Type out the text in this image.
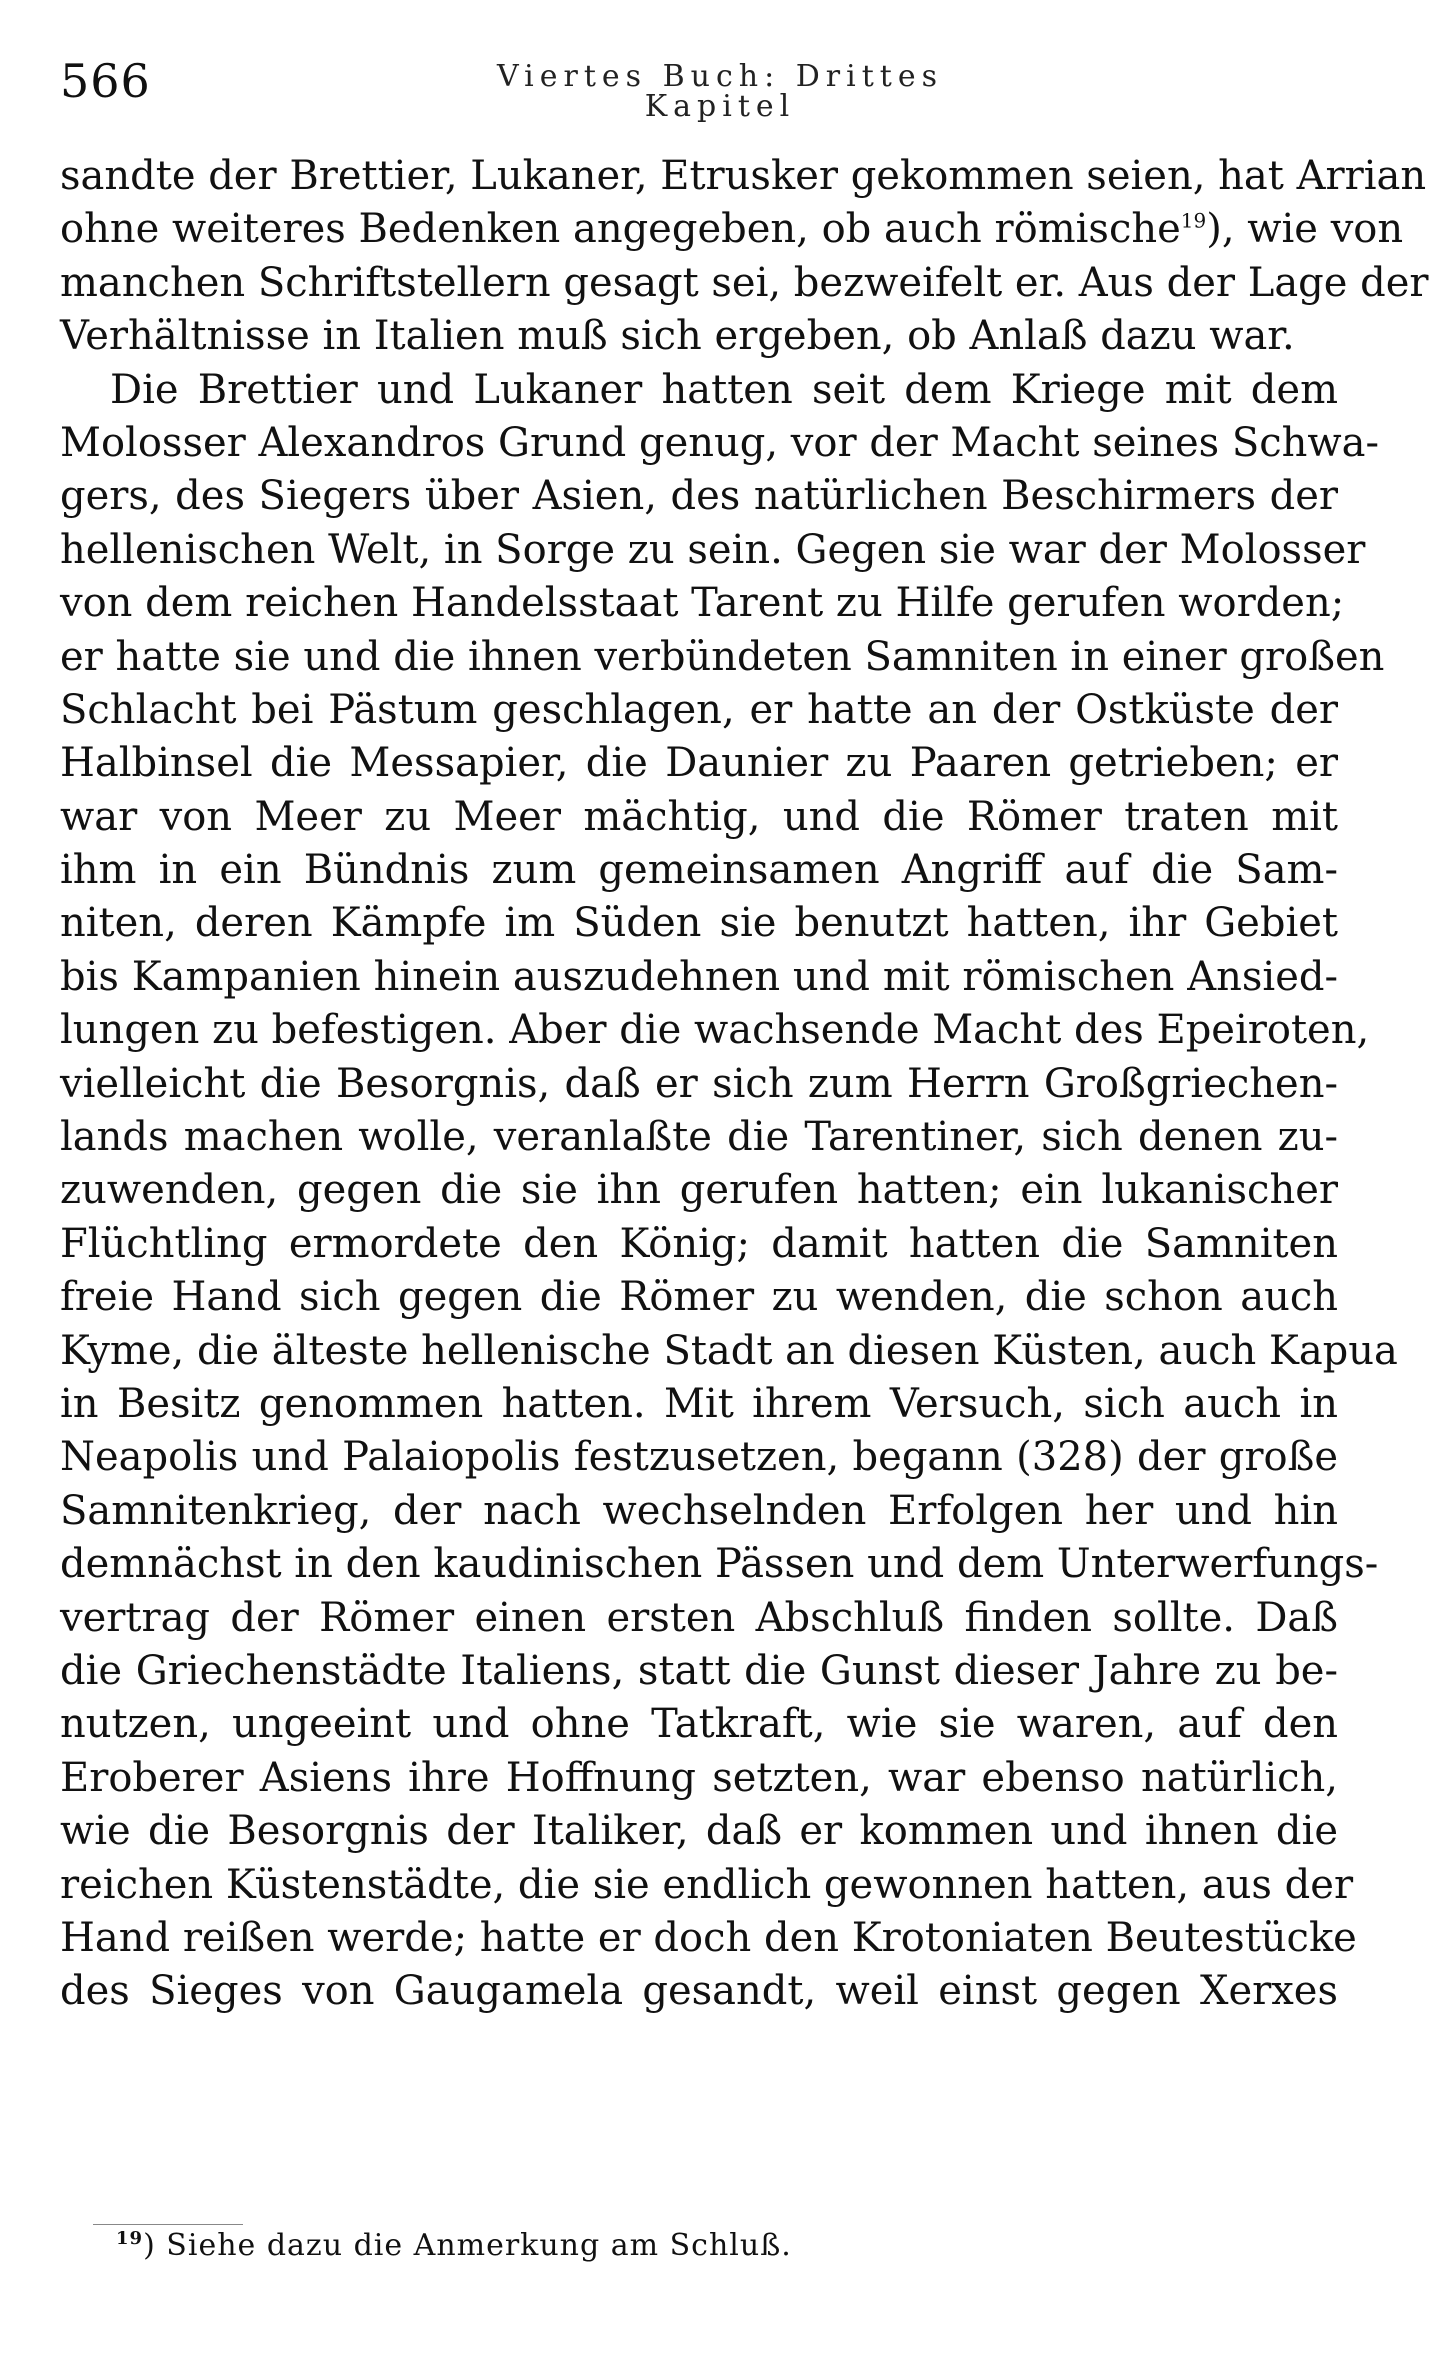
566	Viertes Buch: Drittes Kapitel
sandte der Brettier, Lukaner, Etrusker gekommen seien, hat Arrian
ohne weiteres Bedenken angegeben, ob auch römische$^{19}$), wie von
manchen Schriftstellern gesagt sei, bezweifelt er. Aus der Lage der
Verhältnisse in Italien muß sich ergeben, ob Anlaß dazu war.
Die Brettier und Lukaner hatten seit dem Kriege mit dem
Molosser Alexandros Grund genug, vor der Macht seines Schwa-
gers, des Siegers über Asien, des natürlichen Beschirmers der
hellenischen Welt, in Sorge zu sein. Gegen sie war der Molosser
von dem reichen Handelsstaat Tarent zu Hilfe gerufen worden;
er hatte sie und die ihnen verbündeten Samniten in einer großen
Schlacht bei Pästum geschlagen, er hatte an der Ostküste der
Halbinsel die Messapier, die Daunier zu Paaren getrieben; er
war von Meer zu Meer mächtig, und die Römer traten mit
ihm in ein Bündnis zum gemeinsamen Angriff auf die Sam-
niten, deren Kämpfe im Süden sie benutzt hatten, ihr Gebiet
bis Kampanien hinein auszudehnen und mit römischen Ansied-
lungen zu befestigen. Aber die wachsende Macht des Epeiroten,
vielleicht die Besorgnis, daß er sich zum Herrn Großgriechen-
lands machen wolle, veranlaßte die Tarentiner, sich denen zu-
zuwenden, gegen die sie ihn gerufen hatten; ein lukanischer
Flüchtling ermordete den König; damit hatten die Samniten
freie Hand sich gegen die Römer zu wenden, die schon auch
Kyme, die älteste hellenische Stadt an diesen Küsten, auch Kapua
in Besitz genommen hatten. Mit ihrem Versuch, sich auch in
Neapolis und Palaiopolis festzusetzen, begann (328) der große
Samnitenkrieg, der nach wechselnden Erfolgen her und hin
demnächst in den kaudinischen Pässen und dem Unterwerfungs-
vertrag der Römer einen ersten Abschluß finden sollte. Daß
die Griechenstädte Italiens, statt die Gunst dieser Jahre zu be-
nutzen, ungeeint und ohne Tatkraft, wie sie waren, auf den
Eroberer Asiens ihre Hoffnung setzten, war ebenso natürlich,
wie die Besorgnis der Italiker, daß er kommen und ihnen die
reichen Küstenstädte, die sie endlich gewonnen hatten, aus der
Hand reißen werde; hatte er doch den Krotoniaten Beutestücke
des Sieges von Gaugamela gesandt, weil einst gegen Xerxes
$^{19}$) Siehe dazu die Anmerkung am Schluß.
